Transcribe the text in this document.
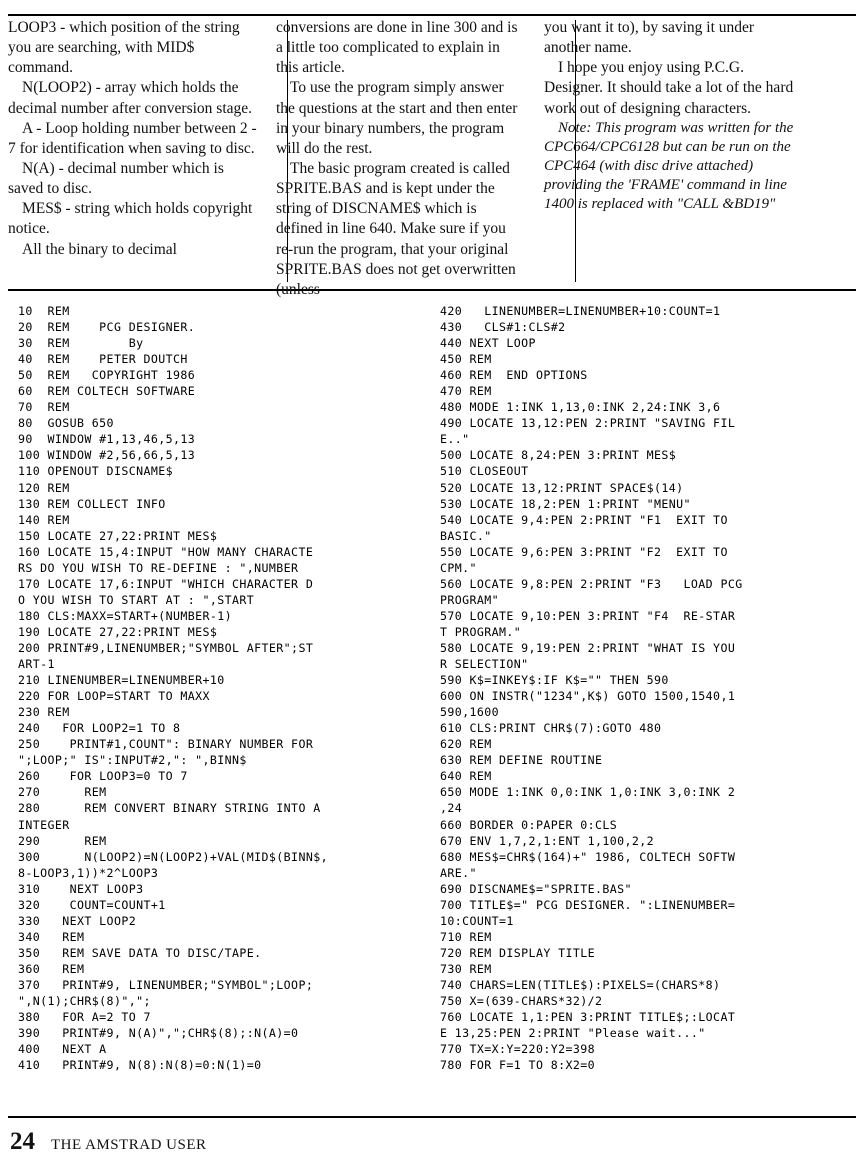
LOOP3 - which position of the string you are searching, with MID$ command.

N(LOOP2) - array which holds the decimal number after conversion stage.

A - Loop holding number between 2 - 7 for identification when saving to disc.

N(A) - decimal number which is saved to disc.

MES$ - string which holds copyright notice.

All the binary to decimal

conversions are done in line 300 and is a little too complicated to explain in this article.

To use the program simply answer the questions at the start and then enter in your binary numbers, the program will do the rest.

The basic program created is called SPRITE.BAS and is kept under the string of DISCNAME$ which is defined in line 640. Make sure if you re-run the program, that your original SPRITE.BAS does not get overwritten (unless

you want it to), by saving it under another name.

I hope you enjoy using P.C.G. Designer. It should take a lot of the hard work out of designing characters.

Note: This program was written for the CPC664/CPC6128 but can be run on the CPC464 (with disc drive attached) providing the 'FRAME' command in line 1400 is replaced with "CALL &BD19"

10  REM
20  REM    PCG DESIGNER.
30  REM        By
40  REM    PETER DOUTCH
50  REM   COPYRIGHT 1986
60  REM COLTECH SOFTWARE
70  REM
80  GOSUB 650
90  WINDOW #1,13,46,5,13
100 WINDOW #2,56,66,5,13
110 OPENOUT DISCNAME$
120 REM
130 REM COLLECT INFO
140 REM
150 LOCATE 27,22:PRINT MES$
160 LOCATE 15,4:INPUT "HOW MANY CHARACTE
RS DO YOU WISH TO RE-DEFINE : ",NUMBER
170 LOCATE 17,6:INPUT "WHICH CHARACTER D
O YOU WISH TO START AT : ",START
180 CLS:MAXX=START+(NUMBER-1)
190 LOCATE 27,22:PRINT MES$
200 PRINT#9,LINENUMBER;"SYMBOL AFTER";ST
ART-1
210 LINENUMBER=LINENUMBER+10
220 FOR LOOP=START TO MAXX
230 REM
240   FOR LOOP2=1 TO 8
250    PRINT#1,COUNT": BINARY NUMBER FOR
";LOOP;" IS":INPUT#2,": ",BINN$
260    FOR LOOP3=0 TO 7
270      REM
280      REM CONVERT BINARY STRING INTO A
INTEGER
290      REM
300      N(LOOP2)=N(LOOP2)+VAL(MID$(BINN$,
8-LOOP3,1))*2^LOOP3
310    NEXT LOOP3
320    COUNT=COUNT+1
330   NEXT LOOP2
340   REM
350   REM SAVE DATA TO DISC/TAPE.
360   REM
370   PRINT#9, LINENUMBER;"SYMBOL";LOOP;
",N(1);CHR$(8)",";
380   FOR A=2 TO 7
390   PRINT#9, N(A)",";CHR$(8);:N(A)=0
400   NEXT A
410   PRINT#9, N(8):N(8)=0:N(1)=0
420   LINENUMBER=LINENUMBER+10:COUNT=1
430   CLS#1:CLS#2
440 NEXT LOOP
450 REM
460 REM  END OPTIONS
470 REM
480 MODE 1:INK 1,13,0:INK 2,24:INK 3,6
490 LOCATE 13,12:PEN 2:PRINT "SAVING FIL
E.."
500 LOCATE 8,24:PEN 3:PRINT MES$
510 CLOSEOUT
520 LOCATE 13,12:PRINT SPACE$(14)
530 LOCATE 18,2:PEN 1:PRINT "MENU"
540 LOCATE 9,4:PEN 2:PRINT "F1  EXIT TO
BASIC."
550 LOCATE 9,6:PEN 3:PRINT "F2  EXIT TO
CPM."
560 LOCATE 9,8:PEN 2:PRINT "F3   LOAD PCG
PROGRAM"
570 LOCATE 9,10:PEN 3:PRINT "F4  RE-STAR
T PROGRAM."
580 LOCATE 9,19:PEN 2:PRINT "WHAT IS YOU
R SELECTION"
590 K$=INKEY$:IF K$="" THEN 590
600 ON INSTR("1234",K$) GOTO 1500,1540,1
590,1600
610 CLS:PRINT CHR$(7):GOTO 480
620 REM
630 REM DEFINE ROUTINE
640 REM
650 MODE 1:INK 0,0:INK 1,0:INK 3,0:INK 2
,24
660 BORDER 0:PAPER 0:CLS
670 ENV 1,7,2,1:ENT 1,100,2,2
680 MES$=CHR$(164)+" 1986, COLTECH SOFTW
ARE."
690 DISCNAME$="SPRITE.BAS"
700 TITLE$=" PCG DESIGNER. ":LINENUMBER=
10:COUNT=1
710 REM
720 REM DISPLAY TITLE
730 REM
740 CHARS=LEN(TITLE$):PIXELS=(CHARS*8)
750 X=(639-CHARS*32)/2
760 LOCATE 1,1:PEN 3:PRINT TITLE$;:LOCAT
E 13,25:PEN 2:PRINT "Please wait..."
770 TX=X:Y=220:Y2=398
780 FOR F=1 TO 8:X2=0
24 THE AMSTRAD USER
